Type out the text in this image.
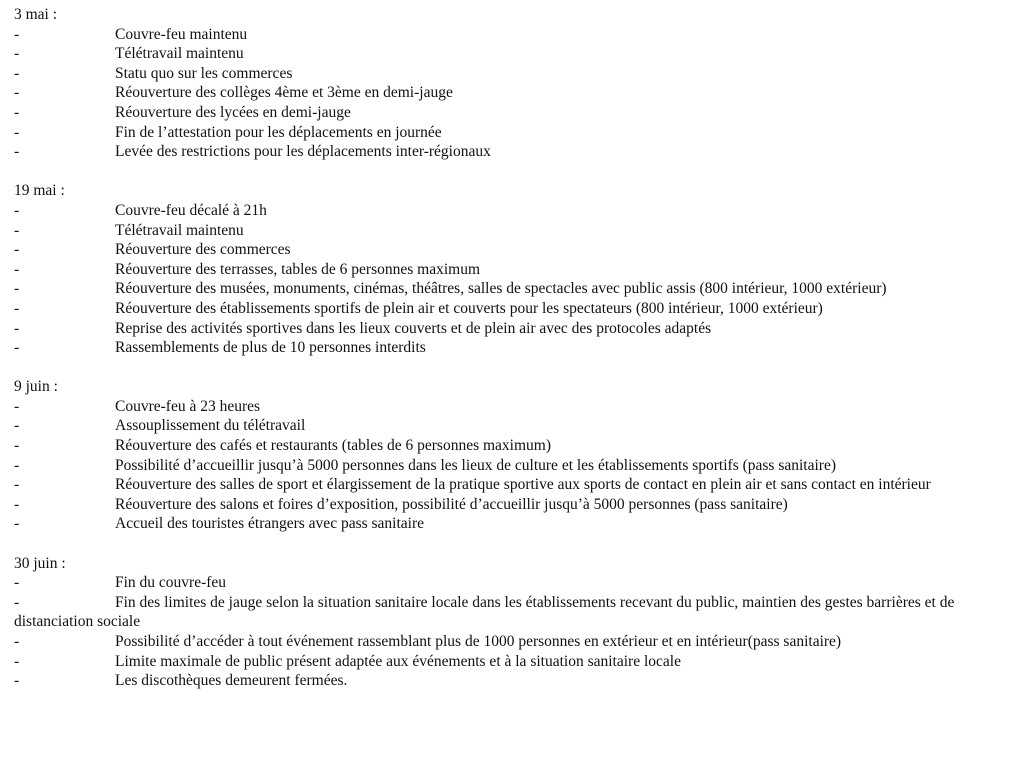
3 mai :
-	Couvre-feu maintenu
-	Télétravail maintenu
-	Statu quo sur les commerces
-	Réouverture des collèges 4ème et 3ème en demi-jauge
-	Réouverture des lycées en demi-jauge
-	Fin de l’attestation pour les déplacements en journée
-	Levée des restrictions pour les déplacements inter-régionaux
19 mai :
-	Couvre-feu décalé à 21h
-	Télétravail maintenu
-	Réouverture des commerces
-	Réouverture des terrasses, tables de 6 personnes maximum
-	Réouverture des musées, monuments, cinémas, théâtres, salles de spectacles avec public assis (800 intérieur, 1000 extérieur)
-	Réouverture des établissements sportifs de plein air et couverts pour les spectateurs (800 intérieur, 1000 extérieur)
-	Reprise des activités sportives dans les lieux couverts et de plein air avec des protocoles adaptés
-	Rassemblements de plus de 10 personnes interdits
9 juin :
-	Couvre-feu à 23 heures
-	Assouplissement du télétravail
-	Réouverture des cafés et restaurants (tables de 6 personnes maximum)
-	Possibilité d’accueillir jusqu’à 5000 personnes dans les lieux de culture et les établissements sportifs (pass sanitaire)
-	Réouverture des salles de sport et élargissement de la pratique sportive aux sports de contact en plein air et sans contact en intérieur
-	Réouverture des salons et foires d’exposition, possibilité d’accueillir jusqu’à 5000 personnes (pass sanitaire)
-	Accueil des touristes étrangers avec pass sanitaire
30 juin :
-	Fin du couvre-feu
-	Fin des limites de jauge selon la situation sanitaire locale dans les établissements recevant du public, maintien des gestes barrières et de distanciation sociale
-	Possibilité d’accéder à tout événement rassemblant plus de 1000 personnes en extérieur et en intérieur(pass sanitaire)
-	Limite maximale de public présent adaptée aux événements et à la situation sanitaire locale
-	Les discothèques demeurent fermées.
